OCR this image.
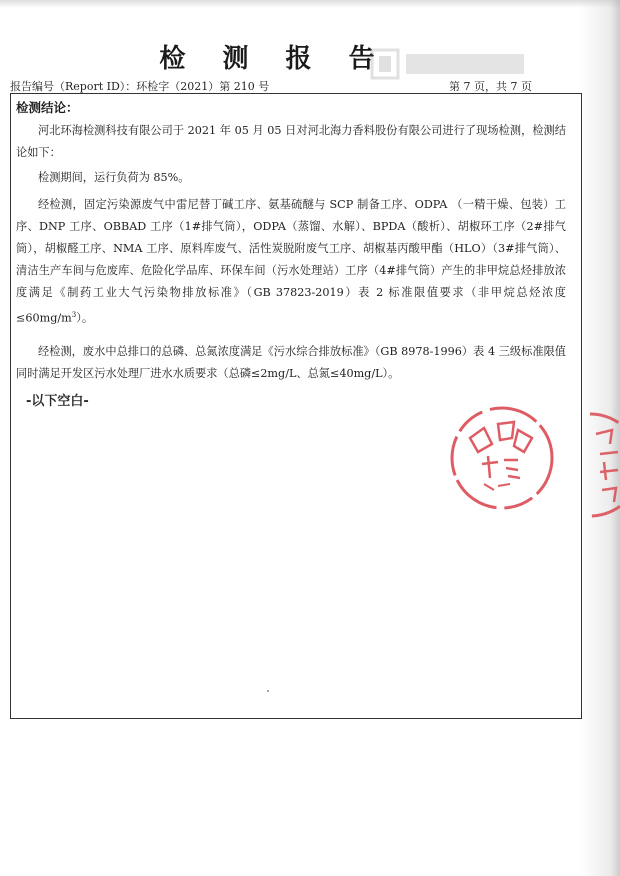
检 测 报 告
报告编号（Report ID）：环检字（2021）第 210 号	第 7 页，共 7 页
检测结论：
河北环海检测科技有限公司于 2021 年 05 月 05 日对河北海力香料股份有限公司进行了现场检测，检测结论如下：
检测期间，运行负荷为 85%。
经检测，固定污染源废气中雷尼替丁碱工序、氨基硫醚与 SCP 制备工序、ODPA （一精干燥、包装）工序、DNP 工序、OBBAD 工序（1#排气筒），ODPA（蒸馏、水解）、BPDA（酸析）、胡椒环工序（2#排气筒），胡椒醛工序、NMA 工序、原料库废气、活性炭脱附废气工序、胡椒基丙酸甲酯（HLO）（3#排气筒）、清洁生产车间与危废库、危险化学品库、环保车间（污水处理站）工序（4#排气筒）产生的非甲烷总烃排放浓度满足《制药工业大气污染物排放标准》（GB 37823-2019）表 2 标准限值要求（非甲烷总烃浓度$\le 60mg/m^3$）。
经检测，废水中总排口的总磷、总氮浓度满足《污水综合排放标准》（GB 8978-1996）表 4 三级标准限值同时满足开发区污水处理厂进水水质要求（总磷≤2mg/L、总氮≤40mg/L）。
-以下空白-
